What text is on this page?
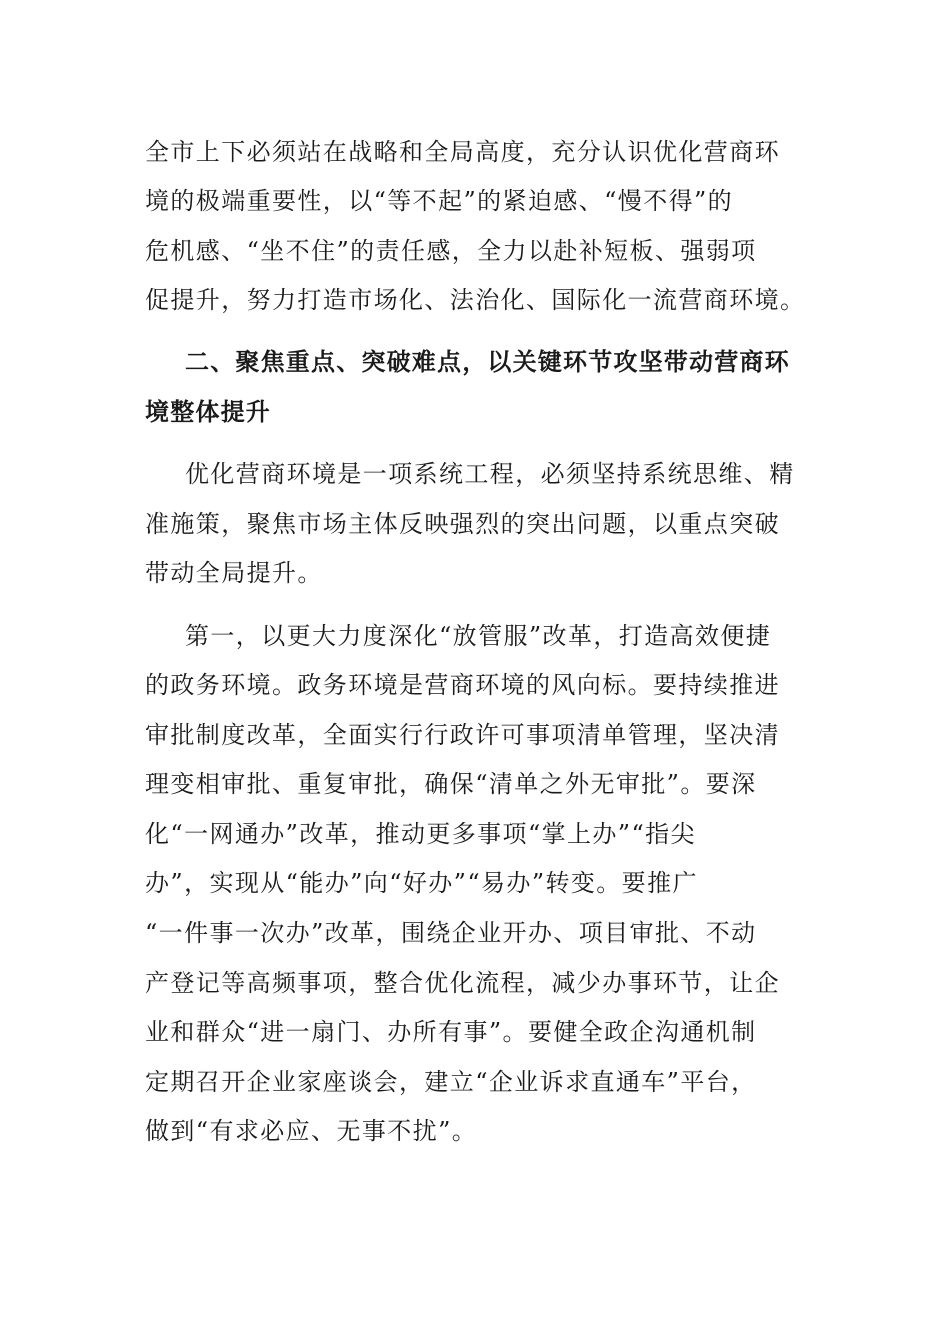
全市上下必须站在战略和全局高度，充分认识优化营商环
境的极端重要性，以“等不起”的紧迫感、“慢不得”的
危机感、“坐不住”的责任感，全力以赴补短板、强弱项
促提升，努力打造市场化、法治化、国际化一流营商环境。
二、聚焦重点、突破难点，以关键环节攻坚带动营商环
境整体提升
优化营商环境是一项系统工程，必须坚持系统思维、精
准施策，聚焦市场主体反映强烈的突出问题，以重点突破
带动全局提升。
第一，以更大力度深化“放管服”改革，打造高效便捷
的政务环境。政务环境是营商环境的风向标。要持续推进
审批制度改革，全面实行行政许可事项清单管理，坚决清
理变相审批、重复审批，确保“清单之外无审批”。要深
化“一网通办”改革，推动更多事项“掌上办”“指尖
办”，实现从“能办”向“好办”“易办”转变。要推广
“一件事一次办”改革，围绕企业开办、项目审批、不动
产登记等高频事项，整合优化流程，减少办事环节，让企
业和群众“进一扇门、办所有事”。要健全政企沟通机制
定期召开企业家座谈会，建立“企业诉求直通车”平台，
做到“有求必应、无事不扰”。
